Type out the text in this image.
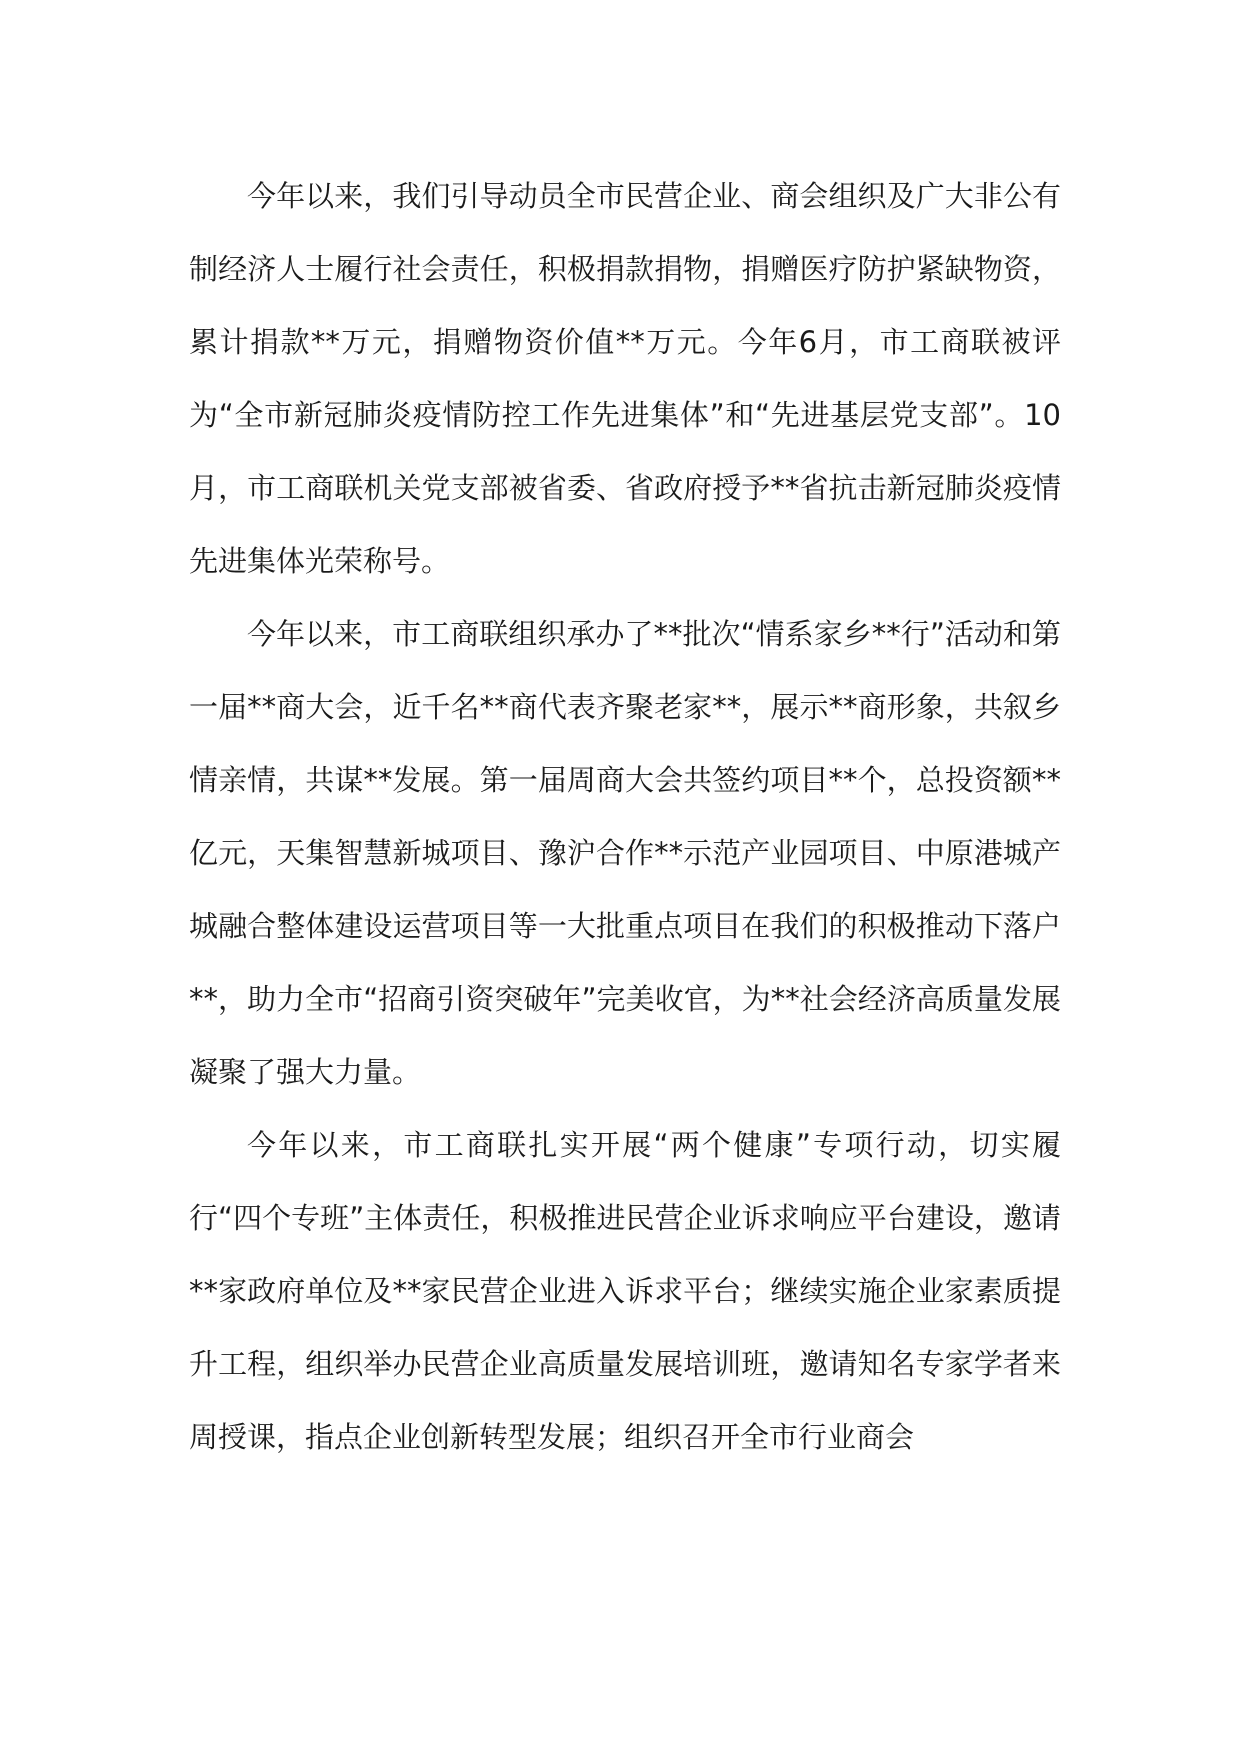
今年以来，我们引导动员全市民营企业、商会组织及广大非公有制经济人士履行社会责任，积极捐款捐物，捐赠医疗防护紧缺物资，累计捐款**万元，捐赠物资价值**万元。今年6月，市工商联被评为“全市新冠肺炎疫情防控工作先进集体”和“先进基层党支部”。10月，市工商联机关党支部被省委、省政府授予**省抗击新冠肺炎疫情先进集体光荣称号。

今年以来，市工商联组织承办了**批次“情系家乡**行”活动和第一届**商大会，近千名**商代表齐聚老家**，展示**商形象，共叙乡情亲情，共谋**发展。第一届周商大会共签约项目**个，总投资额**亿元，天集智慧新城项目、豫沪合作**示范产业园项目、中原港城产城融合整体建设运营项目等一大批重点项目在我们的积极推动下落户**，助力全市“招商引资突破年”完美收官，为**社会经济高质量发展凝聚了强大力量。

今年以来，市工商联扎实开展“两个健康”专项行动，切实履行“四个专班”主体责任，积极推进民营企业诉求响应平台建设，邀请**家政府单位及**家民营企业进入诉求平台；继续实施企业家素质提升工程，组织举办民营企业高质量发展培训班，邀请知名专家学者来周授课，指点企业创新转型发展；组织召开全市行业商会
